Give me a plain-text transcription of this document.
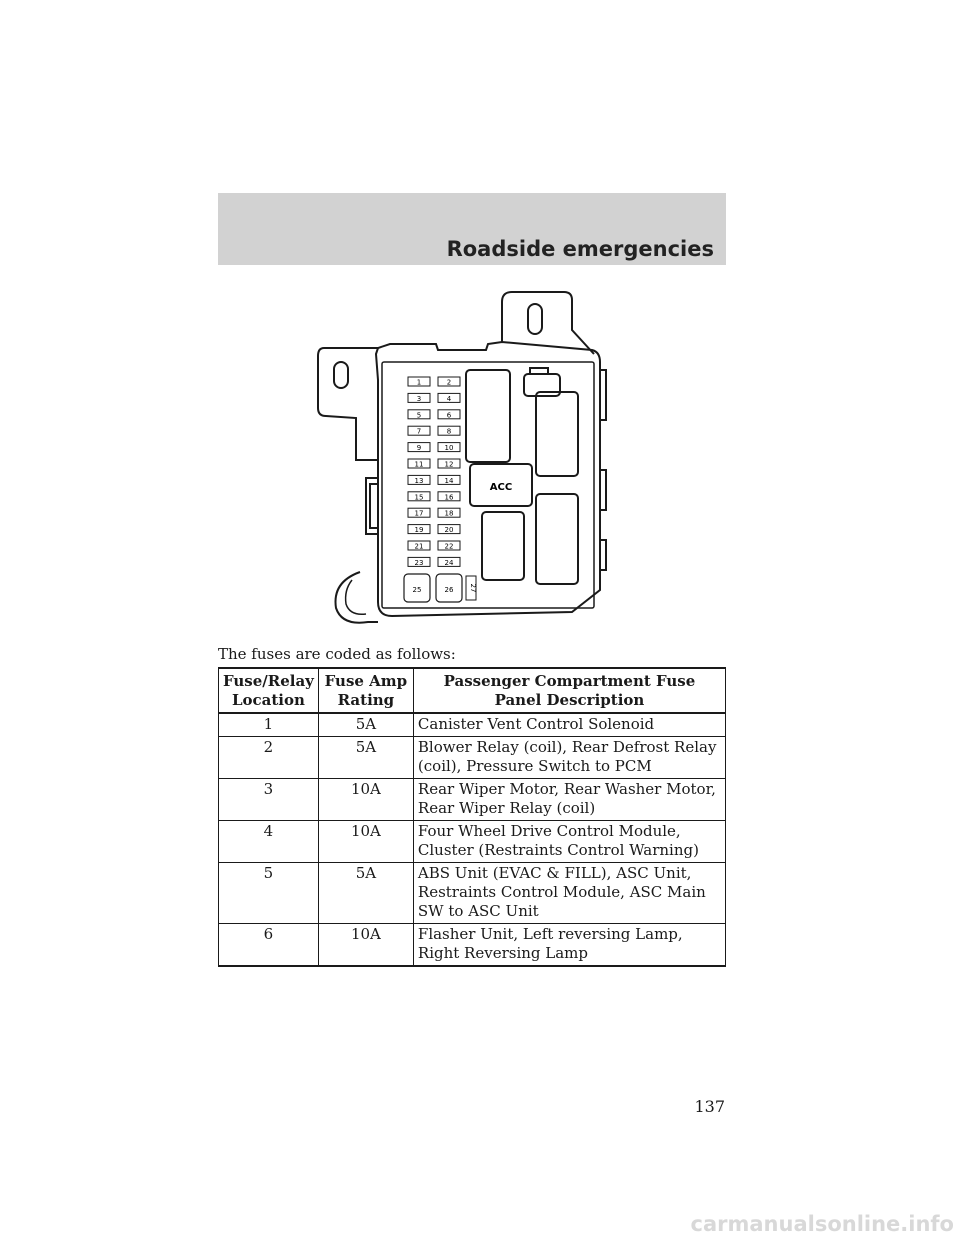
Roadside emergencies
ACC
1	2
3	4
5	6
7	8
9	10
11	12
13	14
15	16
17	18
19	20
21	22
23	24
25	26 27
The fuses are coded as follows:
Fuse/Relay Location	Fuse Amp Rating	Passenger Compartment Fuse Panel Description
1	5A	Canister Vent Control Solenoid
2	5A	Blower Relay (coil), Rear Defrost Relay (coil), Pressure Switch to PCM
3	10A	Rear Wiper Motor, Rear Washer Motor, Rear Wiper Relay (coil)
4	10A	Four Wheel Drive Control Module, Cluster (Restraints Control Warning)
5	5A	ABS Unit (EVAC & FILL), ASC Unit, Restraints Control Module, ASC Main SW to ASC Unit
6	10A	Flasher Unit, Left reversing Lamp, Right Reversing Lamp
137
carmanualsonline.info
